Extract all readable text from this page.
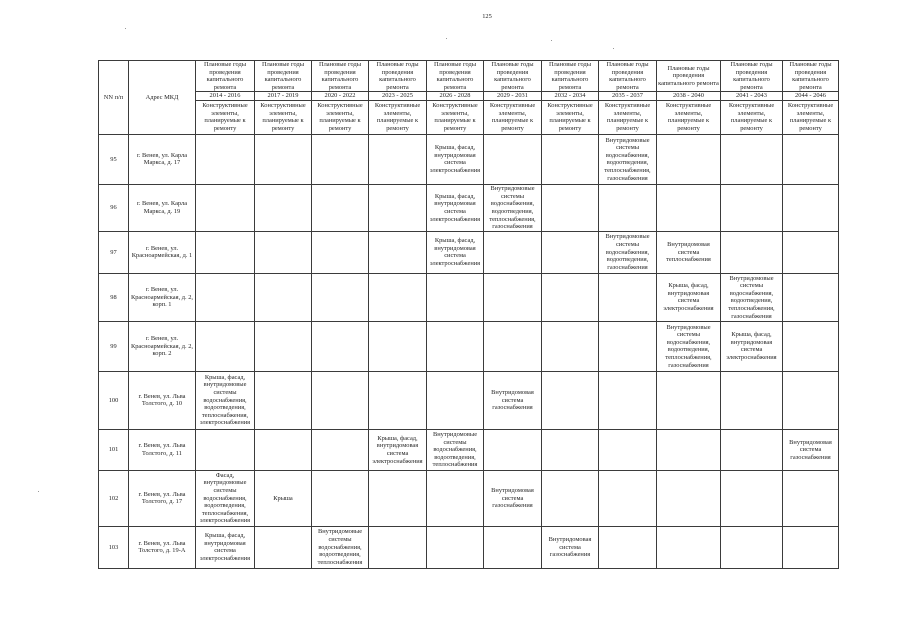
125
NN п/п	Адрес МКД	Плановые годы проведения капитального ремонта	Плановые годы проведения капитального ремонта	Плановые годы проведения капитального ремонта	Плановые годы проведения капитального ремонта	Плановые годы проведения капитального ремонта	Плановые годы проведения капитального ремонта	Плановые годы проведения капитального ремонта	Плановые годы проведения капитального ремонта	Плановые годы проведения капитального ремонта	Плановые годы проведения капитального ремонта	Плановые годы проведения капитального ремонта
		2014 - 2016	2017 - 2019	2020 - 2022	2023 - 2025	2026 - 2028	2029 - 2031	2032 - 2034	2035 - 2037	2038 - 2040	2041 - 2043	2044 - 2046
		Конструктивные элементы, планируемые к ремонту	Конструктивные элементы, планируемые к ремонту	Конструктивные элементы, планируемые к ремонту	Конструктивные элементы, планируемые к ремонту	Конструктивные элементы, планируемые к ремонту	Конструктивные элементы, планируемые к ремонту	Конструктивные элементы, планируемые к ремонту	Конструктивные элементы, планируемые к ремонту	Конструктивные элементы, планируемые к ремонту	Конструктивные элементы, планируемые к ремонту	Конструктивные элементы, планируемые к ремонту
95	г. Венев, ул. Карла Маркса, д. 17					Крыша, фасад, внутридомовая система электроснабжения			Внутридомовые системы водоснабжения, водоотведения, теплоснабжения, газоснабжения			
96	г. Венев, ул. Карла Маркса, д. 19					Крыша, фасад, внутридомовая система электроснабжения	Внутридомовые системы водоснабжения, водоотведения, теплоснабжения, газоснабжения					
97	г. Венев, ул. Красноармейская, д. 1					Крыша, фасад, внутридомовая система электроснабжения			Внутридомовые системы водоснабжения, водоотведения, газоснабжения	Внутридомовая система теплоснабжения		
98	г. Венев, ул. Красноармейская, д. 2, корп. 1									Крыша, фасад, внутридомовая система электроснабжения	Внутридомовые системы водоснабжения, водоотведения, теплоснабжения, газоснабжения	
99	г. Венев, ул. Красноармейская, д. 2, корп. 2									Внутридомовые системы водоснабжения, водоотведения, теплоснабжения, газоснабжения	Крыша, фасад, внутридомовая система электроснабжения	
100	г. Венев, ул. Льва Толстого, д. 10	Крыша, фасад, внутридомовые системы водоснабжения, водоотведения, теплоснабжения, электроснабжения					Внутридомовая система газоснабжения					
101	г. Венев, ул. Льва Толстого, д. 11				Крыша, фасад, внутридомовая система электроснабжения	Внутридомовые системы водоснабжения, водоотведения, теплоснабжения						Внутридомовая система газоснабжения
102	г. Венев, ул. Льва Толстого, д. 17	Фасад, внутридомовые системы водоснабжения, водоотведения, теплоснабжения, электроснабжения	Крыша				Внутридомовая система газоснабжения					
103	г. Венев, ул. Льва Толстого, д. 19-А	Крыша, фасад, внутридомовая система электроснабжения		Внутридомовые системы водоснабжения, водоотведения, теплоснабжения				Внутридомовая система газоснабжения				
